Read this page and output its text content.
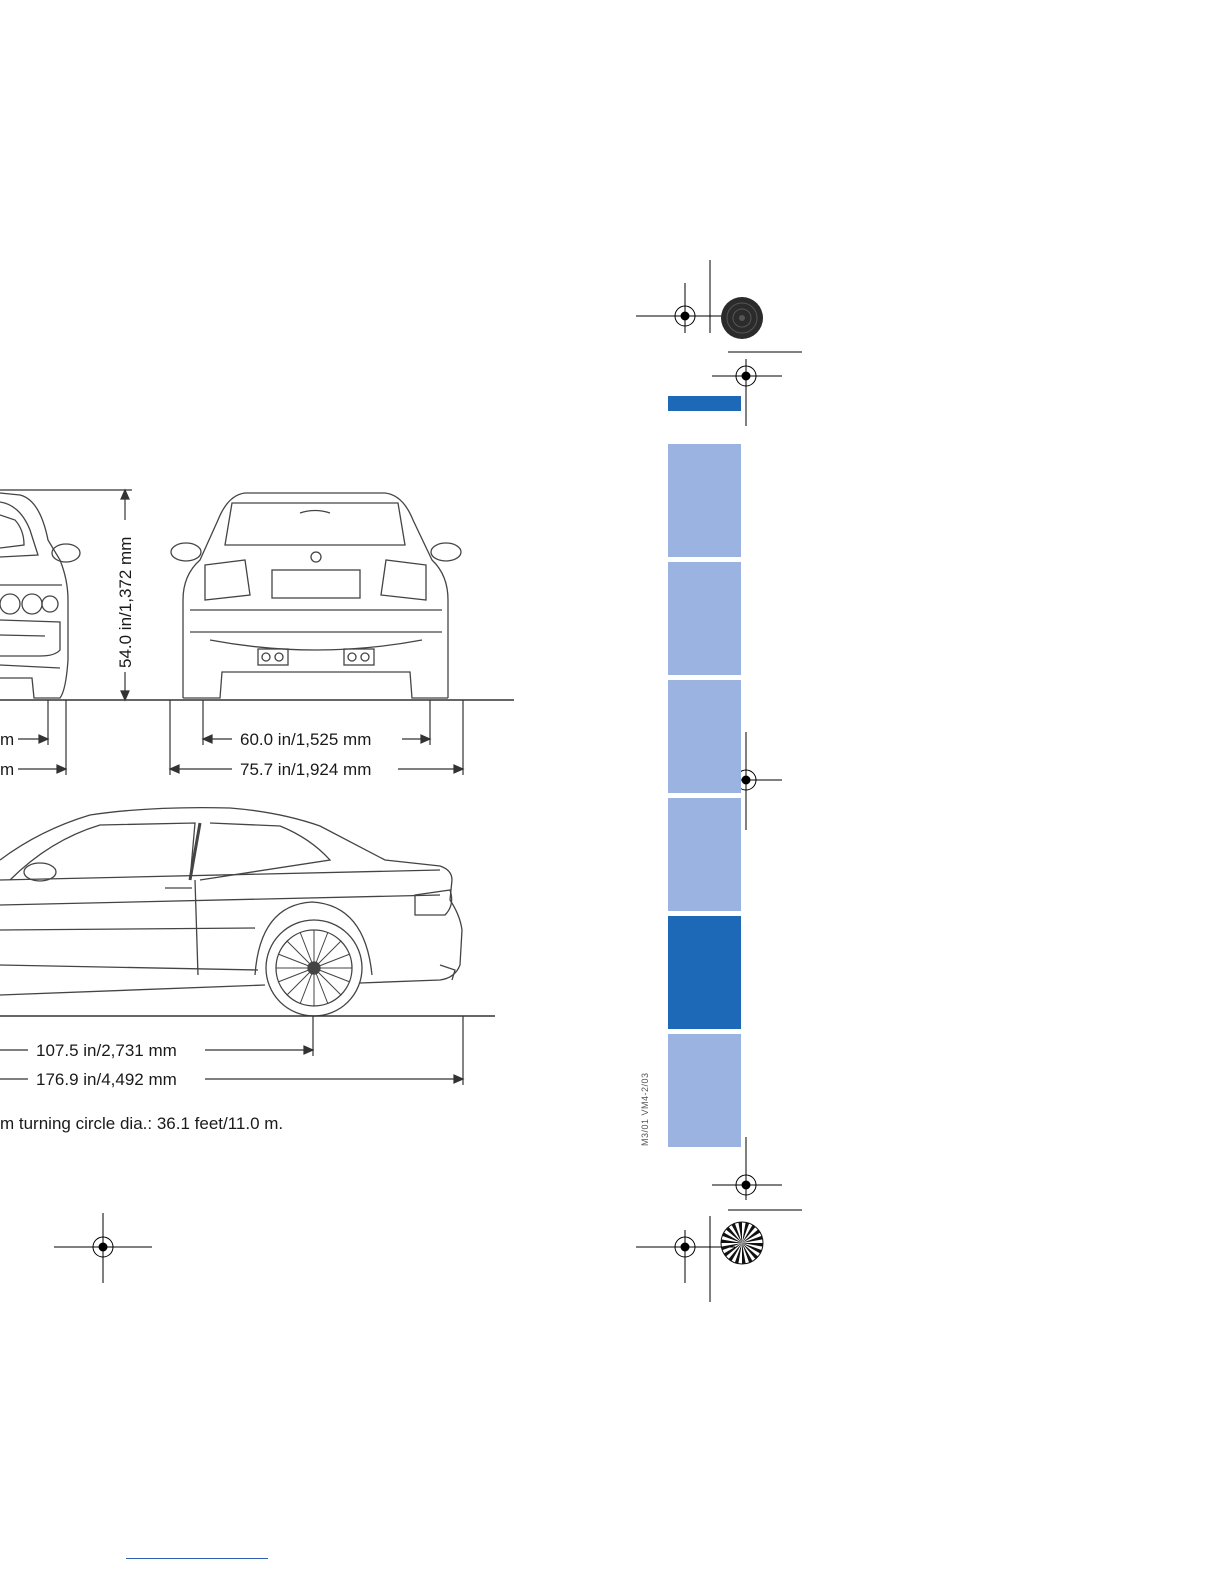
54.0 in/1,372 mm
m
m
60.0 in/1,525 mm
75.7 in/1,924 mm
107.5 in/2,731 mm
176.9 in/4,492 mm
m turning circle dia.: 36.1 feet/11.0 m.	M3/01 VM4-2/03
